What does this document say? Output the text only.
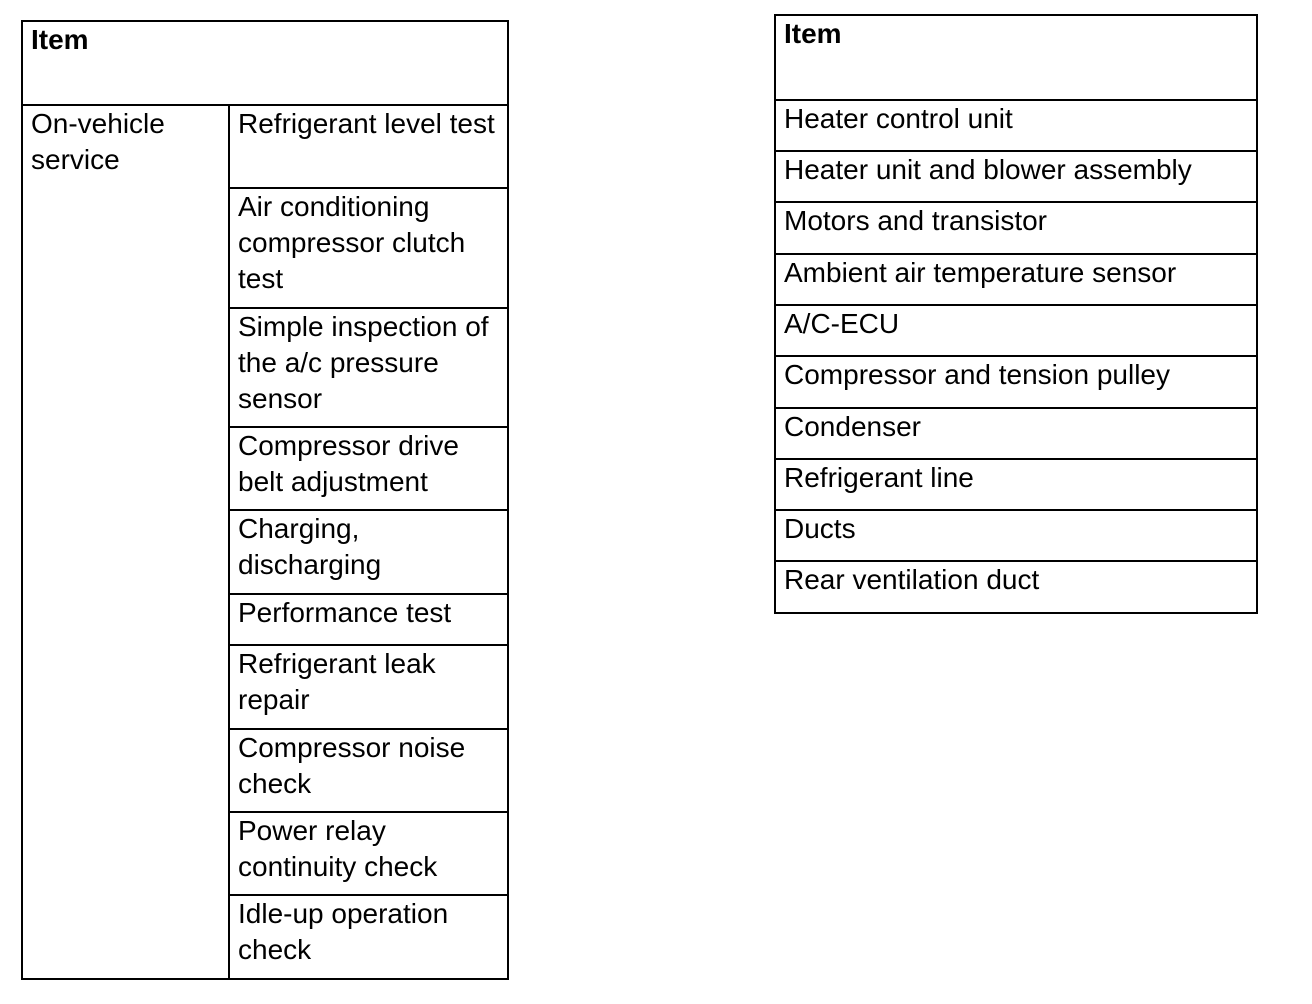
Item
On-vehicle service	Refrigerant level test
Air conditioning compressor clutch test
Simple inspection of the a/c pressure sensor
Compressor drive belt adjustment
Charging, discharging
Performance test
Refrigerant leak repair
Compressor noise check
Power relay continuity check
Idle-up operation check
Item
Heater control unit
Heater unit and blower assembly
Motors and transistor
Ambient air temperature sensor
A/C-ECU
Compressor and tension pulley
Condenser
Refrigerant line
Ducts
Rear ventilation duct
